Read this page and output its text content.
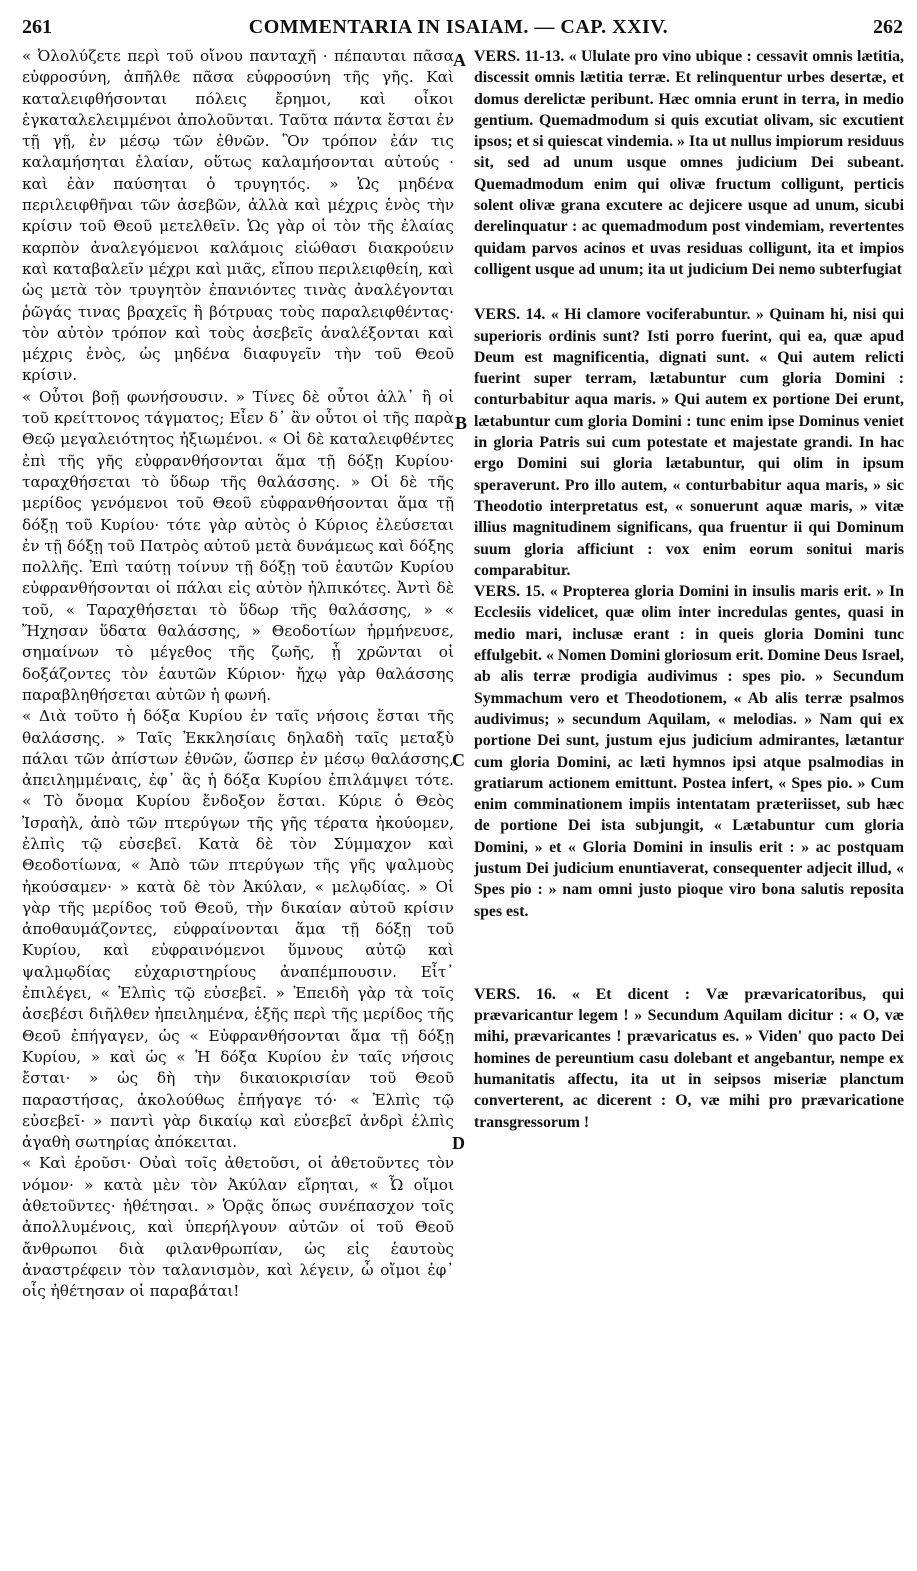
261	COMMENTARIA IN ISAIAM. — CAP. XXIV.	262
A
B
C
D

« Ὀλολύζετε περὶ τοῦ οἴνου πανταχῆ · πέπαυται πᾶσα εὐφροσύνη, ἀπῆλθε πᾶσα εὐφροσύνη τῆς γῆς. Καὶ καταλειφθήσονται πόλεις ἔρημοι, καὶ οἶκοι ἐγκαταλελειμμένοι ἀπολοῦνται. Ταῦτα πάντα ἔσται ἐν τῇ γῇ, ἐν μέσῳ τῶν ἐθνῶν. Ὃν τρόπον ἐάν τις καλαμήσηται ἐλαίαν, οὕτως καλαμήσονται αὐτούς · καὶ ἐὰν παύσηται ὁ τρυγητός. » Ὡς μηδένα περιλειφθῆναι τῶν ἀσεβῶν, ἀλλὰ καὶ μέχρις ἑνὸς τὴν κρίσιν τοῦ Θεοῦ μετελθεῖν. Ὡς γὰρ οἱ τὸν τῆς ἐλαίας καρπὸν ἀναλεγόμενοι καλάμοις εἰώθασι διακρούειν καὶ καταβαλεῖν μέχρι καὶ μιᾶς, εἴπου περιλειφθείη, καὶ ὡς μετὰ τὸν τρυγητὸν ἐπανιόντες τινὰς ἀναλέγονται ῥῶγάς τινας βραχεῖς ἢ βότρυας τοὺς παραλειφθέντας· τὸν αὐτὸν τρόπον καὶ τοὺς ἀσεβεῖς ἀναλέξονται καὶ μέχρις ἑνὸς, ὡς μηδένα διαφυγεῖν τὴν τοῦ Θεοῦ κρίσιν.

« Οὗτοι βοῇ φωνήσουσιν. » Τίνες δὲ οὗτοι ἀλλ᾽ ἢ οἱ τοῦ κρείττονος τάγματος; Εἶεν δ᾽ ἂν οὗτοι οἱ τῆς παρὰ Θεῷ μεγαλειότητος ἠξιωμένοι. « Οἱ δὲ καταλειφθέντες ἐπὶ τῆς γῆς εὐφρανθήσονται ἅμα τῇ δόξῃ Κυρίου· ταραχθήσεται τὸ ὕδωρ τῆς θαλάσσης. » Οἱ δὲ τῆς μερίδος γενόμενοι τοῦ Θεοῦ εὐφρανθήσονται ἅμα τῇ δόξῃ τοῦ Κυρίου· τότε γὰρ αὐτὸς ὁ Κύριος ἐλεύσεται ἐν τῇ δόξῃ τοῦ Πατρὸς αὐτοῦ μετὰ δυνάμεως καὶ δόξης πολλῆς. Ἐπὶ ταύτῃ τοίνυν τῇ δόξῃ τοῦ ἑαυτῶν Κυρίου εὐφρανθήσονται οἱ πάλαι εἰς αὐτὸν ἠλπικότες. Ἀντὶ δὲ τοῦ, « Ταραχθήσεται τὸ ὕδωρ τῆς θαλάσσης, » « Ἤχησαν ὕδατα θαλάσσης, » Θεοδοτίων ἡρμήνευσε, σημαίνων τὸ μέγεθος τῆς ζωῆς, ᾗ χρῶνται οἱ δοξάζοντες τὸν ἑαυτῶν Κύριον· ἤχῳ γὰρ θαλάσσης παραβληθήσεται αὐτῶν ἡ φωνή.

« Διὰ τοῦτο ἡ δόξα Κυρίου ἐν ταῖς νήσοις ἔσται τῆς θαλάσσης. » Ταῖς Ἐκκλησίαις δηλαδὴ ταῖς μεταξὺ πάλαι τῶν ἀπίστων ἐθνῶν, ὥσπερ ἐν μέσῳ θαλάσσης, ἀπειλημμέναις, ἐφ᾽ ἃς ἡ δόξα Κυρίου ἐπιλάμψει τότε. « Τὸ ὄνομα Κυρίου ἔνδοξον ἔσται. Κύριε ὁ Θεὸς Ἰσραὴλ, ἀπὸ τῶν πτερύγων τῆς γῆς τέρατα ἠκούομεν, ἐλπὶς τῷ εὐσεβεῖ. Κατὰ δὲ τὸν Σύμμαχον καὶ Θεοδοτίωνα, « Ἀπὸ τῶν πτερύγων τῆς γῆς ψαλμοὺς ἠκούσαμεν· » κατὰ δὲ τὸν Ἀκύλαν, « μελῳδίας. » Οἱ γὰρ τῆς μερίδος τοῦ Θεοῦ, τὴν δικαίαν αὐτοῦ κρίσιν ἀποθαυμάζοντες, εὐφραίνονται ἅμα τῇ δόξῃ τοῦ Κυρίου, καὶ εὐφραινόμενοι ὕμνους αὐτῷ καὶ ψαλμῳδίας εὐχαριστηρίους ἀναπέμπουσιν. Εἶτ᾽ ἐπιλέγει, « Ἐλπὶς τῷ εὐσεβεῖ. » Ἐπειδὴ γὰρ τὰ τοῖς ἀσεβέσι διῆλθεν ἠπειλημένα, ἑξῆς περὶ τῆς μερίδος τῆς Θεοῦ ἐπήγαγεν, ὡς « Εὐφρανθήσονται ἅμα τῇ δόξῃ Κυρίου, » καὶ ὡς « Ἡ δόξα Κυρίου ἐν ταῖς νήσοις ἔσται· » ὡς δὴ τὴν δικαιοκρισίαν τοῦ Θεοῦ παραστήσας, ἀκολούθως ἐπήγαγε τό· « Ἐλπὶς τῷ εὐσεβεῖ· » παντὶ γὰρ δικαίῳ καὶ εὐσεβεῖ ἀνδρὶ ἐλπὶς ἀγαθὴ σωτηρίας ἀπόκειται.

« Καὶ ἐροῦσι· Οὐαὶ τοῖς ἀθετοῦσι, οἱ ἀθετοῦντες τὸν νόμον· » κατὰ μὲν τὸν Ἀκύλαν εἴρηται, « Ὦ οἴμοι ἀθετοῦντες· ἠθέτησαι. » Ὁρᾷς ὅπως συνέπασχον τοῖς ἀπολλυμένοις, καὶ ὑπερήλγουν αὐτῶν οἱ τοῦ Θεοῦ ἄνθρωποι διὰ φιλανθρωπίαν, ὡς εἰς ἑαυτοὺς ἀναστρέφειν τὸν ταλανισμὸν, καὶ λέγειν, ὦ οἴμοι ἐφ᾽ οἷς ἠθέτησαν οἱ παραβάται!

VERS. 11-13. « Ululate pro vino ubique : cessavit omnis lætitia, discessit omnis lætitia terræ. Et relinquentur urbes desertæ, et domus derelictæ peribunt. Hæc omnia erunt in terra, in medio gentium. Quemadmodum si quis excutiat olivam, sic excutient ipsos; et si quiescat vindemia. » Ita ut nullus impiorum residuus sit, sed ad unum usque omnes judicium Dei subeant. Quemadmodum enim qui olivæ fructum colligunt, perticis solent olivæ grana excutere ac dejicere usque ad unum, sicubi derelinquatur : ac quemadmodum post vindemiam, revertentes quidam parvos acinos et uvas residuas colligunt, ita et impios colligent usque ad unum; ita ut judicium Dei nemo subterfugiat

VERS. 14. « Hi clamore vociferabuntur. » Quinam hi, nisi qui superioris ordinis sunt? Isti porro fuerint, qui ea, quæ apud Deum est magnificentia, dignati sunt. « Qui autem relicti fuerint super terram, lætabuntur cum gloria Domini : conturbabitur aqua maris. » Qui autem ex portione Dei erunt, lætabuntur cum gloria Domini : tunc enim ipse Dominus veniet in gloria Patris sui cum potestate et majestate grandi. In hac ergo Domini sui gloria lætabuntur, qui olim in ipsum speraverunt. Pro illo autem, « conturbabitur aqua maris, » sic Theodotio interpretatus est, « sonuerunt aquæ maris, » vitæ illius magnitudinem significans, qua fruentur ii qui Dominum suum gloria afficiunt : vox enim eorum sonitui maris comparabitur.

VERS. 15. « Propterea gloria Domini in insulis maris erit. » In Ecclesiis videlicet, quæ olim inter incredulas gentes, quasi in medio mari, inclusæ erant : in queis gloria Domini tunc effulgebit. « Nomen Domini gloriosum erit. Domine Deus Israel, ab alis terræ prodigia audivimus : spes pio. » Secundum Symmachum vero et Theodotionem, « Ab alis terræ psalmos audivimus; » secundum Aquilam, « melodias. » Nam qui ex portione Dei sunt, justum ejus judicium admirantes, lætantur cum gloria Domini, ac læti hymnos ipsi atque psalmodias in gratiarum actionem emittunt. Postea infert, « Spes pio. » Cum enim comminationem impiis intentatam præteriisset, sub hæc de portione Dei ista subjungit, « Lætabuntur cum gloria Domini, » et « Gloria Domini in insulis erit : » ac postquam justum Dei judicium enuntiaverat, consequenter adjecit illud, « Spes pio : » nam omni justo pioque viro bona salutis reposita spes est.

VERS. 16. « Et dicent : Væ prævaricatoribus, qui prævaricantur legem ! » Secundum Aquilam dicitur : « O, væ mihi, prævaricantes ! prævaricatus es. » Viden' quo pacto Dei homines de pereuntium casu dolebant et angebantur, nempe ex humanitatis affectu, ita ut in seipsos miseriæ planctum converterent, ac dicerent : O, væ mihi pro prævaricatione transgressorum !
